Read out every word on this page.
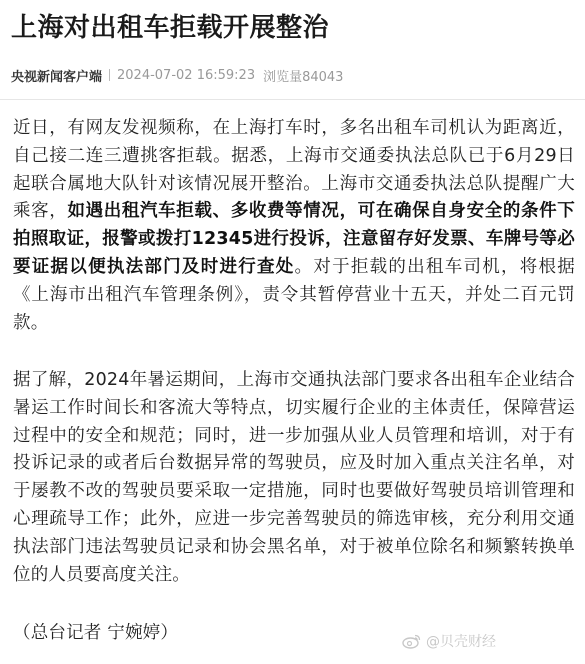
上海对出租车拒载开展整治
央视新闻客户端 2024-07-02 16:59:23 浏览量84043

近日，有网友发视频称，在上海打车时，多名出租车司机认为距离近，自己接二连三遭挑客拒载。据悉，上海市交通委执法总队已于6月29日起联合属地大队针对该情况展开整治。上海市交通委执法总队提醒广大乘客，如遇出租汽车拒载、多收费等情况，可在确保自身安全的条件下拍照取证，报警或拨打12345进行投诉，注意留存好发票、车牌号等必要证据以便执法部门及时进行查处。对于拒载的出租车司机，将根据《上海市出租汽车管理条例》，责令其暂停营业十五天，并处二百元罚款。

据了解，2024年暑运期间，上海市交通执法部门要求各出租车企业结合暑运工作时间长和客流大等特点，切实履行企业的主体责任，保障营运过程中的安全和规范；同时，进一步加强从业人员管理和培训，对于有投诉记录的或者后台数据异常的驾驶员，应及时加入重点关注名单，对于屡教不改的驾驶员要采取一定措施，同时也要做好驾驶员培训管理和心理疏导工作；此外，应进一步完善驾驶员的筛选审核，充分利用交通执法部门违法驾驶员记录和协会黑名单，对于被单位除名和频繁转换单位的人员要高度关注。

（总台记者 宁婉婷）	@贝壳财经
